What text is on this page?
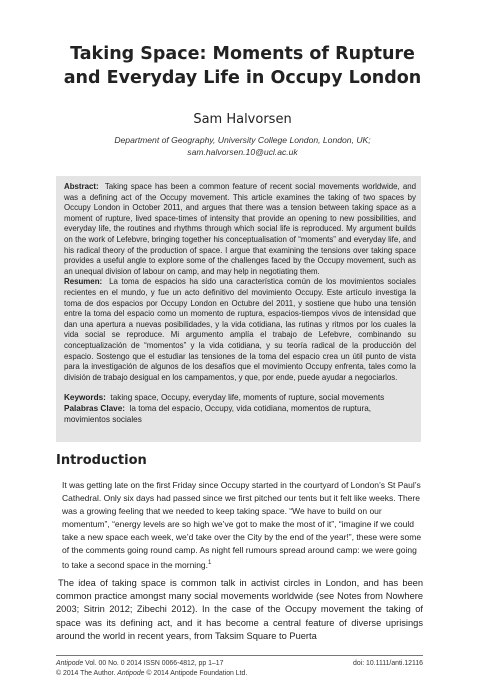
Taking Space: Moments of Rupture
and Everyday Life in Occupy London
Sam Halvorsen
Department of Geography, University College London, London, UK;
sam.halvorsen.10@ucl.ac.uk

Abstract: Taking space has been a common feature of recent social movements worldwide, and was a defining act of the Occupy movement. This article examines the taking of two spaces by Occupy London in October 2011, and argues that there was a tension between taking space as a moment of rupture, lived space-times of intensity that provide an opening to new possibilities, and everyday life, the routines and rhythms through which social life is reproduced. My argument builds on the work of Lefebvre, bringing together his conceptualisation of “moments” and everyday life, and his radical theory of the production of space. I argue that examining the tensions over taking space provides a useful angle to explore some of the challenges faced by the Occupy movement, such as an unequal division of labour on camp, and may help in negotiating them.

Resumen: La toma de espacios ha sido una característica común de los movimientos sociales recientes en el mundo, y fue un acto definitivo del movimiento Occupy. Este artículo investiga la toma de dos espacios por Occupy London en Octubre del 2011, y sostiene que hubo una tensión entre la toma del espacio como un momento de ruptura, espacios-tiempos vivos de intensidad que dan una apertura a nuevas posibilidades, y la vida cotidiana, las rutinas y ritmos por los cuales la vida social se reproduce. Mi argumento amplía el trabajo de Lefebvre, combinando su conceptualización de “momentos” y la vida cotidiana, y su teoría radical de la producción del espacio. Sostengo que el estudiar las tensiones de la toma del espacio crea un útil punto de vista para la investigación de algunos de los desafíos que el movimiento Occupy enfrenta, tales como la división de trabajo desigual en los campamentos, y que, por ende, puede ayudar a negociarlos.

Keywords: taking space, Occupy, everyday life, moments of rupture, social movements

Palabras Clave: la toma del espacio, Occupy, vida cotidiana, momentos de ruptura, movimientos sociales

Introduction

It was getting late on the first Friday since Occupy started in the courtyard of London’s St Paul’s Cathedral. Only six days had passed since we first pitched our tents but it felt like weeks. There was a growing feeling that we needed to keep taking space. “We have to build on our momentum”, “energy levels are so high we’ve got to make the most of it”, “imagine if we could take a new space each week, we’d take over the City by the end of the year!”, these were some of the comments going round camp. As night fell rumours spread around camp: we were going to take a second space in the morning.$^1$

The idea of taking space is common talk in activist circles in London, and has been common practice amongst many social movements worldwide (see Notes from Nowhere 2003; Sitrin 2012; Zibechi 2012). In the case of the Occupy movement the taking of space was its defining act, and it has become a central feature of diverse uprisings around the world in recent years, from Taksim Square to Puerta

Antipode Vol. 00 No. 0 2014 ISSN 0066-4812, pp 1–17
© 2014 The Author. Antipode © 2014 Antipode Foundation Ltd.
doi: 10.1111/anti.12116
